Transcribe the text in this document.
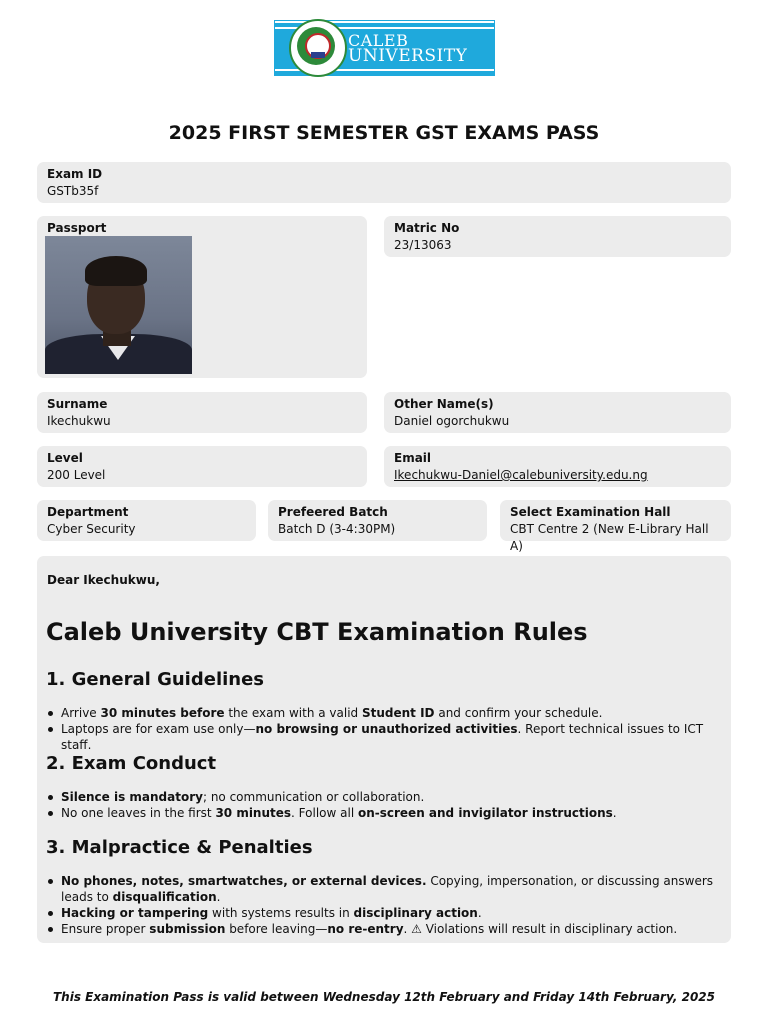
CALEB
UNIVERSITY
2025 FIRST SEMESTER GST EXAMS PASS
Exam ID
GSTb35f
Passport	Matric No
23/13063
Surname
Ikechukwu
Other Name(s)
Daniel ogorchukwu
Level
200 Level
Email
Ikechukwu-Daniel@calebuniversity.edu.ng
Department
Cyber Security
Prefeered Batch
Batch D (3-4:30PM)
Select Examination Hall
CBT Centre 2 (New E-Library Hall A)
Dear Ikechukwu,
Caleb University CBT Examination Rules
1. General Guidelines
Arrive 30 minutes before the exam with a valid Student ID and confirm your schedule.
Laptops are for exam use only—no browsing or unauthorized activities. Report technical issues to ICT staff.
2. Exam Conduct
Silence is mandatory; no communication or collaboration.
No one leaves in the first 30 minutes. Follow all on-screen and invigilator instructions.
3. Malpractice & Penalties
No phones, notes, smartwatches, or external devices. Copying, impersonation, or discussing answers leads to disqualification.
Hacking or tampering with systems results in disciplinary action.
Ensure proper submission before leaving—no re-entry. ⚠ Violations will result in disciplinary action.
This Examination Pass is valid between Wednesday 12th February and Friday 14th February, 2025
